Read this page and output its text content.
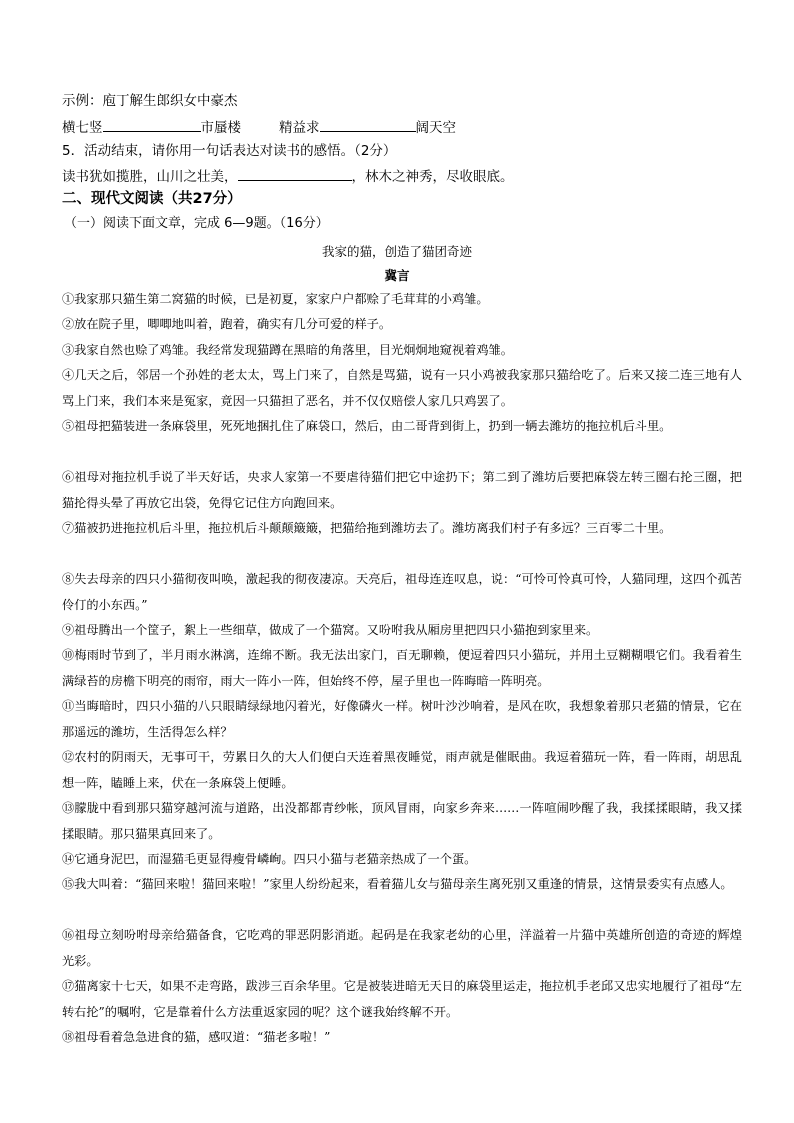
示例：庖丁解生郎织女中豪杰
横七竖	市蜃楼	精益求	阔天空
5．活动结束，请你用一句话表达对读书的感悟。（2分）
读书犹如揽胜，山川之壮美，	，林木之神秀，尽收眼底。
二、现代文阅读（共27分）
（一）阅读下面文章，完成 6—9题。（16分）
我家的猫，创造了猫团奇迹
冀言
①我家那只猫生第二窝猫的时候，已是初夏，家家户户都赊了毛茸茸的小鸡雏。
②放在院子里，唧唧地叫着，跑着，确实有几分可爱的样子。
③我家自然也赊了鸡雏。我经常发现猫蹲在黑暗的角落里，目光炯炯地窥视着鸡雏。
④几天之后，邻居一个孙姓的老太太，骂上门来了，自然是骂猫，说有一只小鸡被我家那只猫给吃了。后来又接二连三地有人骂上门来，我们本来是冤家，竟因一只猫担了恶名，并不仅仅赔偿人家几只鸡罢了。
⑤祖母把猫装进一条麻袋里，死死地捆扎住了麻袋口，然后，由二哥背到街上，扔到一辆去潍坊的拖拉机后斗里。
⑥祖母对拖拉机手说了半天好话，央求人家第一不要虐待猫们把它中途扔下；第二到了潍坊后要把麻袋左转三圈右抡三圈，把猫抡得头晕了再放它出袋，免得它记住方向跑回来。
⑦猫被扔进拖拉机后斗里，拖拉机后斗颠颠簸簸，把猫给拖到潍坊去了。潍坊离我们村子有多远？三百零二十里。
⑧失去母亲的四只小猫彻夜叫唤，激起我的彻夜凄凉。天亮后，祖母连连叹息，说：“可怜可怜真可怜，人猫同理，这四个孤苦伶仃的小东西。”
⑨祖母腾出一个筐子，絮上一些细草，做成了一个猫窝。又吩咐我从厢房里把四只小猫抱到家里来。
⑩梅雨时节到了，半月雨水淋漓，连绵不断。我无法出家门，百无聊赖，便逗着四只小猫玩，并用土豆糊糊喂它们。我看着生满绿苔的房檐下明亮的雨帘，雨大一阵小一阵，但始终不停，屋子里也一阵晦暗一阵明亮。
⑪当晦暗时，四只小猫的八只眼睛绿绿地闪着光，好像磷火一样。树叶沙沙响着，是风在吹，我想象着那只老猫的情景，它在那遥远的潍坊，生活得怎么样？
⑫农村的阴雨天，无事可干，劳累日久的大人们便白天连着黑夜睡觉，雨声就是催眠曲。我逗着猫玩一阵，看一阵雨，胡思乱想一阵，瞌睡上来，伏在一条麻袋上便睡。
⑬朦胧中看到那只猫穿越河流与道路，出没都都青纱帐，顶风冒雨，向家乡奔来……一阵喧闹吵醒了我，我揉揉眼睛，我又揉揉眼睛。那只猫果真回来了。
⑭它通身泥巴，而湿猫毛更显得瘦骨嶙峋。四只小猫与老猫亲热成了一个蛋。
⑮我大叫着：“猫回来啦！猫回来啦！”家里人纷纷起来，看着猫儿女与猫母亲生离死别又重逢的情景，这情景委实有点感人。
⑯祖母立刻吩咐母亲给猫备食，它吃鸡的罪恶阴影消逝。起码是在我家老幼的心里，洋溢着一片猫中英雄所创造的奇迹的辉煌光彩。
⑰猫离家十七天，如果不走弯路，跋涉三百余华里。它是被装进暗无天日的麻袋里运走，拖拉机手老邱又忠实地履行了祖母“左转右抡”的嘱咐，它是靠着什么方法重返家园的呢？这个谜我始终解不开。
⑱祖母看着急急进食的猫，感叹道：“猫老多啦！”
